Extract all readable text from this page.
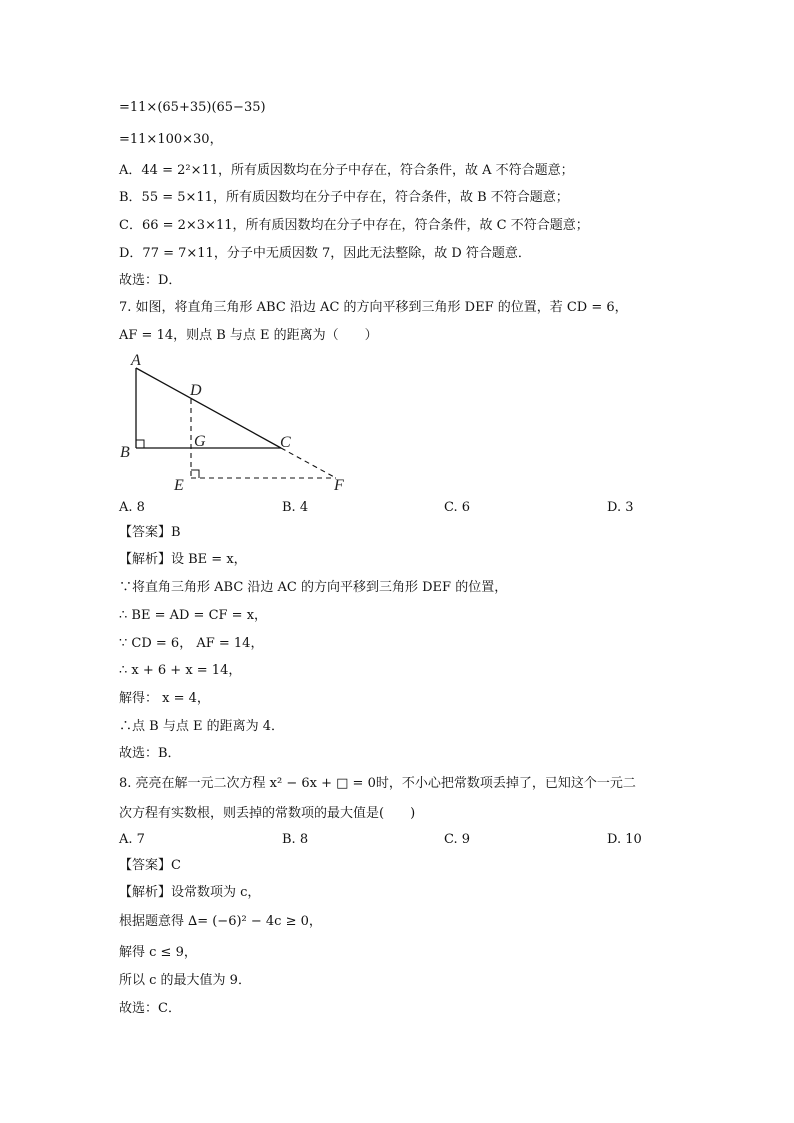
=11×(65+35)(65−35)
=11×100×30，
A．44 = 2²×11，所有质因数均在分子中存在，符合条件，故 A 不符合题意；
B．55 = 5×11，所有质因数均在分子中存在，符合条件，故 B 不符合题意；
C．66 = 2×3×11，所有质因数均在分子中存在，符合条件，故 C 不符合题意；
D．77 = 7×11，分子中无质因数 7，因此无法整除，故 D 符合题意．
故选：D．
7. 如图，将直角三角形 ABC 沿边 AC 的方向平移到三角形 DEF 的位置，若 CD = 6，
AF = 14，则点 B 与点 E 的距离为（　　）
A
B
C
D
E	F
G
A. 8	B. 4	C. 6	D. 3
【答案】B
【解析】设 BE = x，
∵将直角三角形 ABC 沿边 AC 的方向平移到三角形 DEF 的位置，
∴ BE = AD = CF = x，
∵ CD = 6， AF = 14，
∴ x + 6 + x = 14，
解得： x = 4，
∴点 B 与点 E 的距离为 4．
故选：B．
8. 亮亮在解一元二次方程 x² − 6x + □ = 0时，不小心把常数项丢掉了，已知这个一元二
次方程有实数根，则丢掉的常数项的最大值是(　　)
A. 7	B. 8	C. 9	D. 10
【答案】C
【解析】设常数项为 c，
根据题意得 ∆= (−6)² − 4c ≥ 0，
解得 c ≤ 9，
所以 c 的最大值为 9．
故选：C．
